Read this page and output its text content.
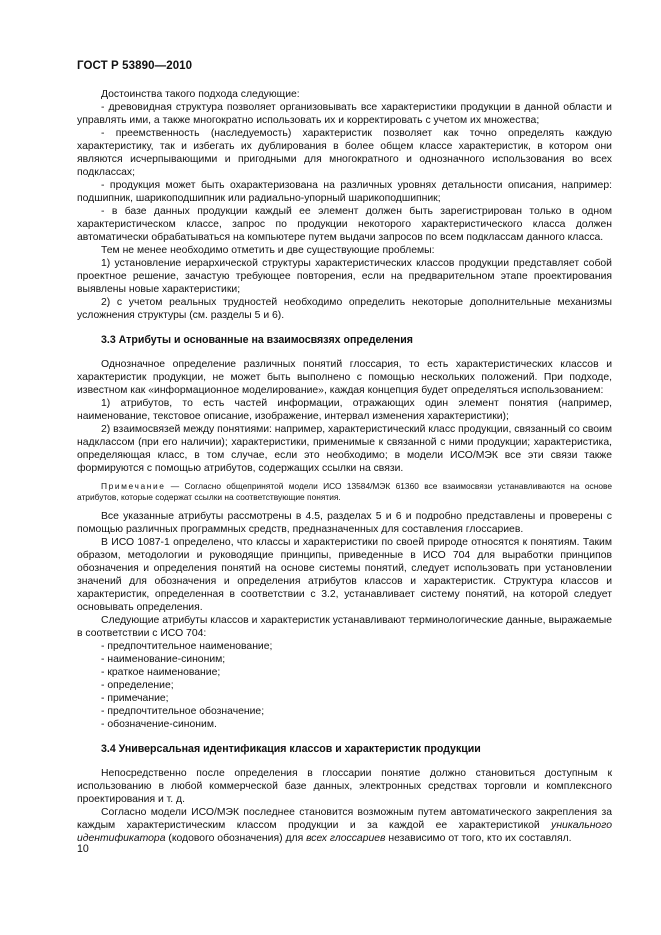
ГОСТ Р 53890—2010

Достоинства такого подхода следующие:

- древовидная структура позволяет организовывать все характеристики продукции в данной области и управлять ими, а также многократно использовать их и корректировать с учетом их множества;

- преемственность (наследуемость) характеристик позволяет как точно определять каждую характеристику, так и избегать их дублирования в более общем классе характеристик, в котором они являются исчерпывающими и пригодными для многократного и однозначного использования во всех подклассах;

- продукция может быть охарактеризована на различных уровнях детальности описания, например: подшипник, шарикоподшипник или радиально-упорный шарикоподшипник;

- в базе данных продукции каждый ее элемент должен быть зарегистрирован только в одном характеристическом классе, запрос по продукции некоторого характеристического класса должен автоматически обрабатываться на компьютере путем выдачи запросов по всем подклассам данного класса.

Тем не менее необходимо отметить и две существующие проблемы:

1) установление иерархической структуры характеристических классов продукции представляет собой проектное решение, зачастую требующее повторения, если на предварительном этапе проектирования выявлены новые характеристики;

2) с учетом реальных трудностей необходимо определить некоторые дополнительные механизмы усложнения структуры (см. разделы 5 и 6).

3.3 Атрибуты и основанные на взаимосвязях определения

Однозначное определение различных понятий глоссария, то есть характеристических классов и характеристик продукции, не может быть выполнено с помощью нескольких положений. При подходе, известном как «информационное моделирование», каждая концепция будет определяться использованием:

1) атрибутов, то есть частей информации, отражающих один элемент понятия (например, наименование, текстовое описание, изображение, интервал изменения характеристики);

2) взаимосвязей между понятиями: например, характеристический класс продукции, связанный со своим надклассом (при его наличии); характеристики, применимые к связанной с ними продукции; характеристика, определяющая класс, в том случае, если это необходимо; в модели ИСО/МЭК все эти связи также формируются с помощью атрибутов, содержащих ссылки на связи.

Примечание — Согласно общепринятой модели ИСО 13584/МЭК 61360 все взаимосвязи устанавливаются на основе атрибутов, которые содержат ссылки на соответствующие понятия.

Все указанные атрибуты рассмотрены в 4.5, разделах 5 и 6 и подробно представлены и проверены с помощью различных программных средств, предназначенных для составления глоссариев.

В ИСО 1087-1 определено, что классы и характеристики по своей природе относятся к понятиям. Таким образом, методологии и руководящие принципы, приведенные в ИСО 704 для выработки принципов обозначения и определения понятий на основе системы понятий, следует использовать при установлении значений для обозначения и определения атрибутов классов и характеристик. Структура классов и характеристик, определенная в соответствии с 3.2, устанавливает систему понятий, на которой следует основывать определения.

Следующие атрибуты классов и характеристик устанавливают терминологические данные, выражаемые в соответствии с ИСО 704:

- предпочтительное наименование;
- наименование-синоним;
- краткое наименование;
- определение;
- примечание;
- предпочтительное обозначение;
- обозначение-синоним.
3.4 Универсальная идентификация классов и характеристик продукции

Непосредственно после определения в глоссарии понятие должно становиться доступным к использованию в любой коммерческой базе данных, электронных средствах торговли и комплексного проектирования и т. д.

Согласно модели ИСО/МЭК последнее становится возможным путем автоматического закрепления за каждым характеристическим классом продукции и за каждой ее характеристикой уникального идентификатора (кодового обозначения) для всех глоссариев независимо от того, кто их составлял.

10
